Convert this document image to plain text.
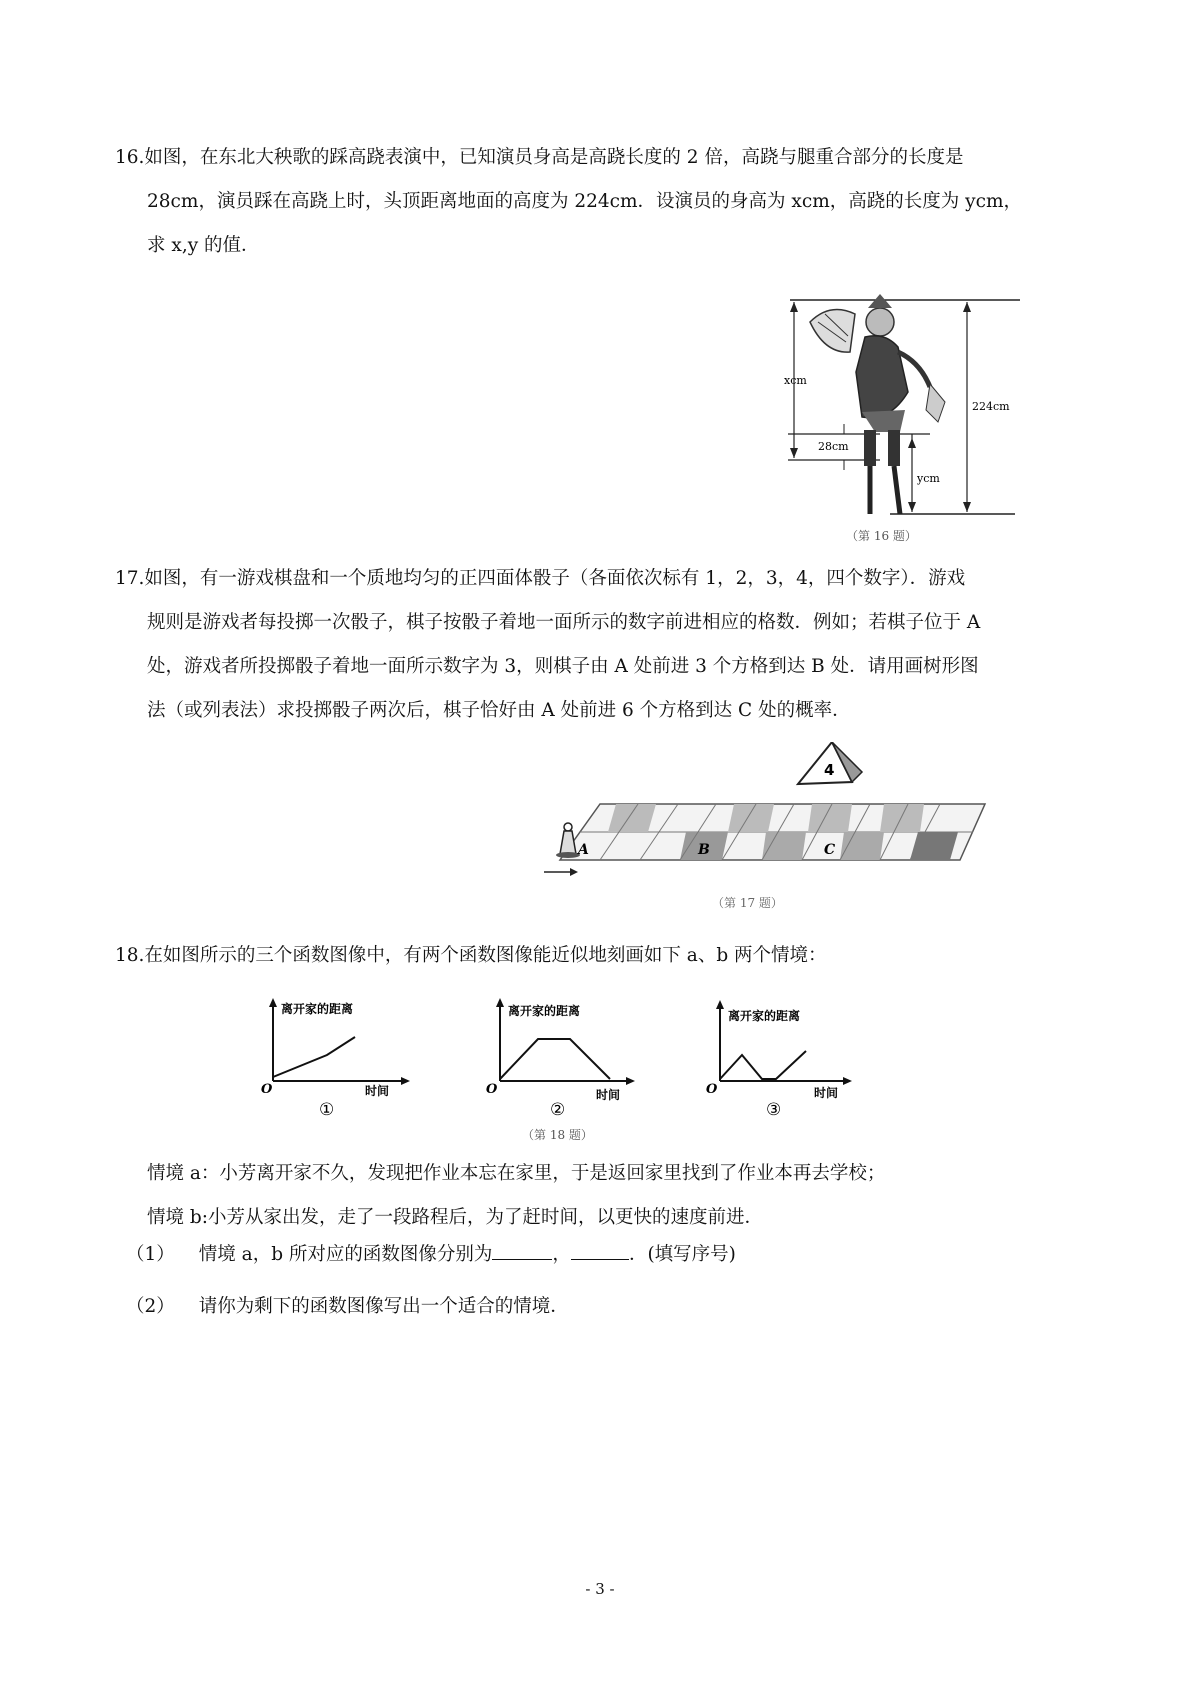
16.如图，在东北大秧歌的踩高跷表演中，已知演员身高是高跷长度的 2 倍，高跷与腿重合部分的长度是
28cm，演员踩在高跷上时，头顶距离地面的高度为 224cm．设演员的身高为 xcm，高跷的长度为 ycm，
求 x,y 的值．
xcm
224cm
28cm
ycm
（第 16 题）
17.如图，有一游戏棋盘和一个质地均匀的正四面体骰子（各面依次标有 1，2，3，4，四个数字）．游戏
规则是游戏者每投掷一次骰子，棋子按骰子着地一面所示的数字前进相应的格数．例如；若棋子位于 A
处，游戏者所投掷骰子着地一面所示数字为 3，则棋子由 A 处前进 3 个方格到达 B 处．请用画树形图
法（或列表法）求投掷骰子两次后，棋子恰好由 A 处前进 6 个方格到达 C 处的概率．
4
A	B	C
（第 17 题）
18.在如图所示的三个函数图像中，有两个函数图像能近似地刻画如下 a、b 两个情境：
离开家的距离
时间
O
①
离开家的距离
时间
O
②
（第 18 题）
离开家的距离
时间
O
③
情境 a：小芳离开家不久，发现把作业本忘在家里，于是返回家里找到了作业本再去学校；
情境 b:小芳从家出发，走了一段路程后，为了赶时间，以更快的速度前进．
（1） 情境 a，b 所对应的函数图像分别为	，	．(填写序号)
（2） 请你为剩下的函数图像写出一个适合的情境．
- 3 -
